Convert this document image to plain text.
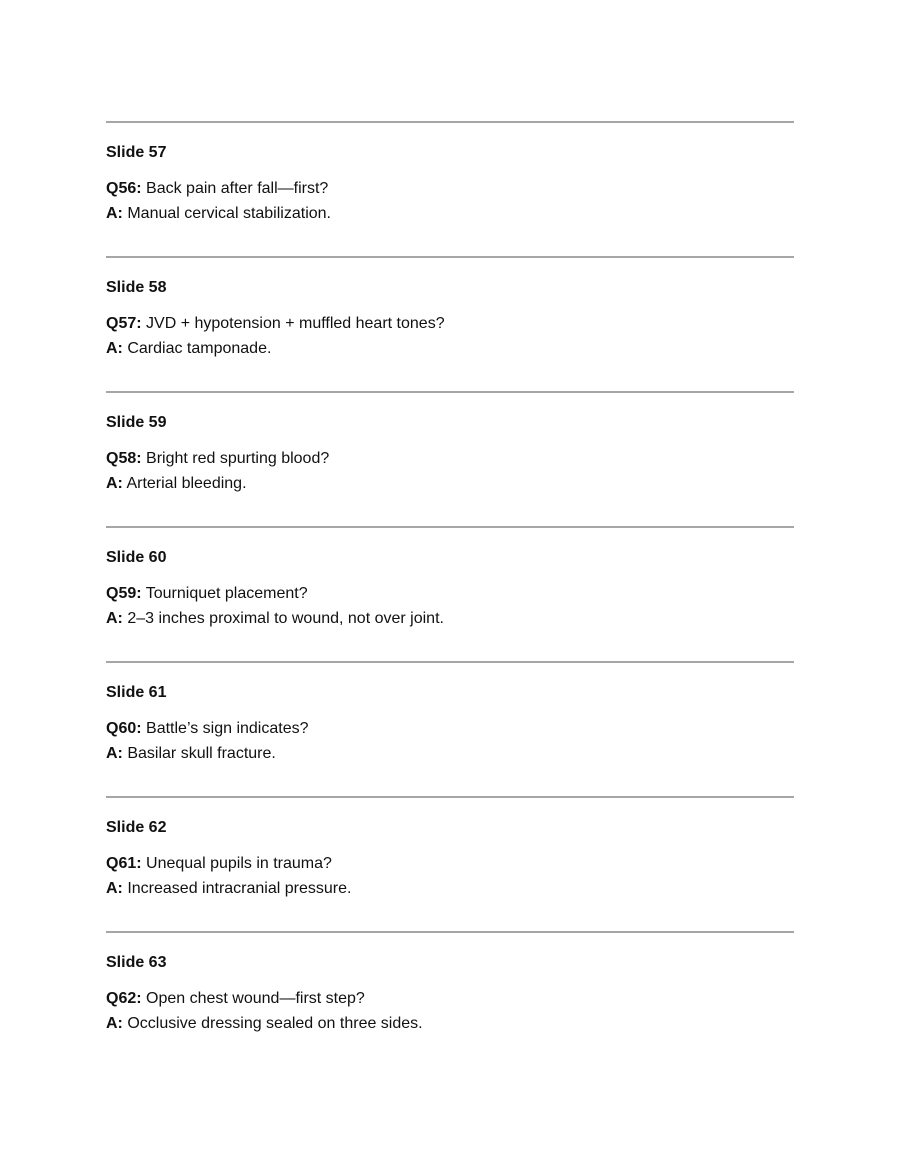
Slide 57
Q56: Back pain after fall—first?
A: Manual cervical stabilization.
Slide 58
Q57: JVD + hypotension + muffled heart tones?
A: Cardiac tamponade.
Slide 59
Q58: Bright red spurting blood?
A: Arterial bleeding.
Slide 60
Q59: Tourniquet placement?
A: 2–3 inches proximal to wound, not over joint.
Slide 61
Q60: Battle’s sign indicates?
A: Basilar skull fracture.
Slide 62
Q61: Unequal pupils in trauma?
A: Increased intracranial pressure.
Slide 63
Q62: Open chest wound—first step?
A: Occlusive dressing sealed on three sides.
